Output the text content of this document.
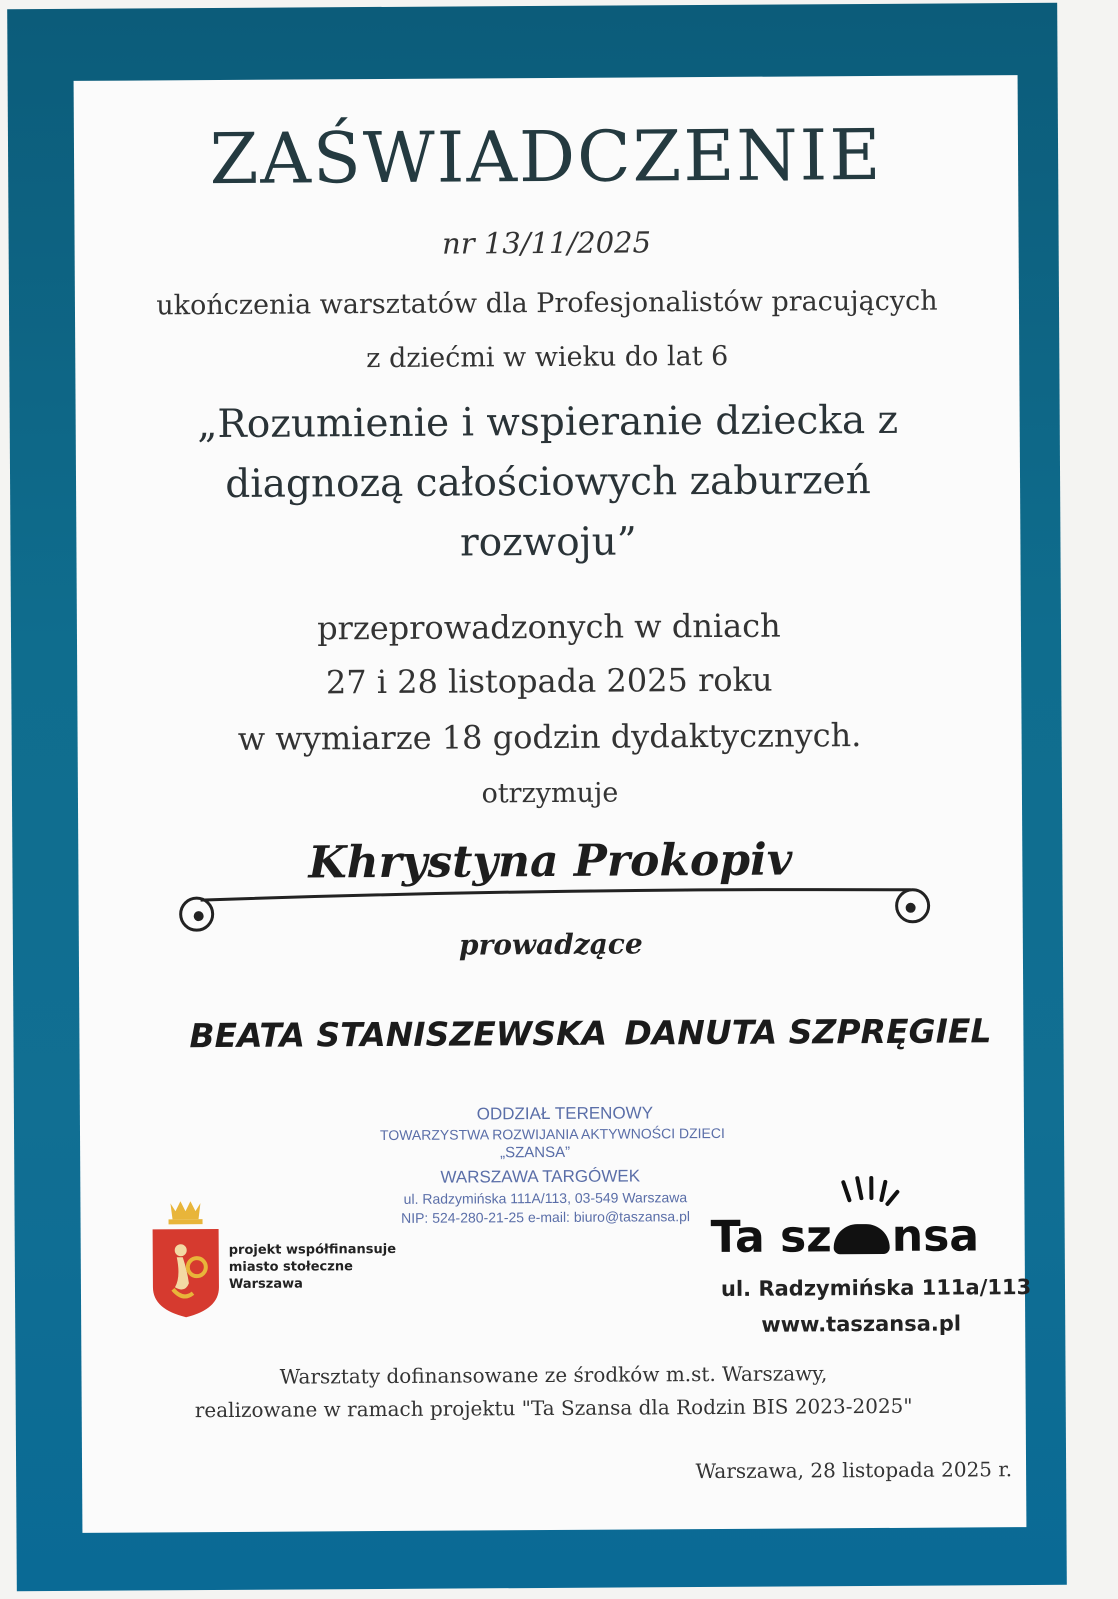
ZAŚWIADCZENIE
nr 13/11/2025
ukończenia warsztatów dla Profesjonalistów pracujących
z dziećmi w wieku do lat 6
„Rozumienie i wspieranie dziecka z
diagnozą całościowych zaburzeń
rozwoju”
przeprowadzonych w dniach
27 i 28 listopada 2025 roku
w wymiarze 18 godzin dydaktycznych.
otrzymuje
Khrystyna Prokopiv
prowadzące
BEATA STANISZEWSKA DANUTA SZPRĘGIEL
ODDZIAŁ TERENOWY
TOWARZYSTWA ROZWIJANIA AKTYWNOŚCI DZIECI
„SZANSA”
WARSZAWA TARGÓWEK
ul. Radzymińska 111A/113, 03-549 Warszawa
NIP: 524-280-21-25 e-mail: biuro@taszansa.pl
projekt współfinansuje
miasto stołeczne
Warszawa
Ta sz nsa
ul. Radzymińska 111a/113
www.taszansa.pl
Warsztaty dofinansowane ze środków m.st. Warszawy,
realizowane w ramach projektu "Ta Szansa dla Rodzin BIS 2023-2025"
Warszawa, 28 listopada 2025 r.
